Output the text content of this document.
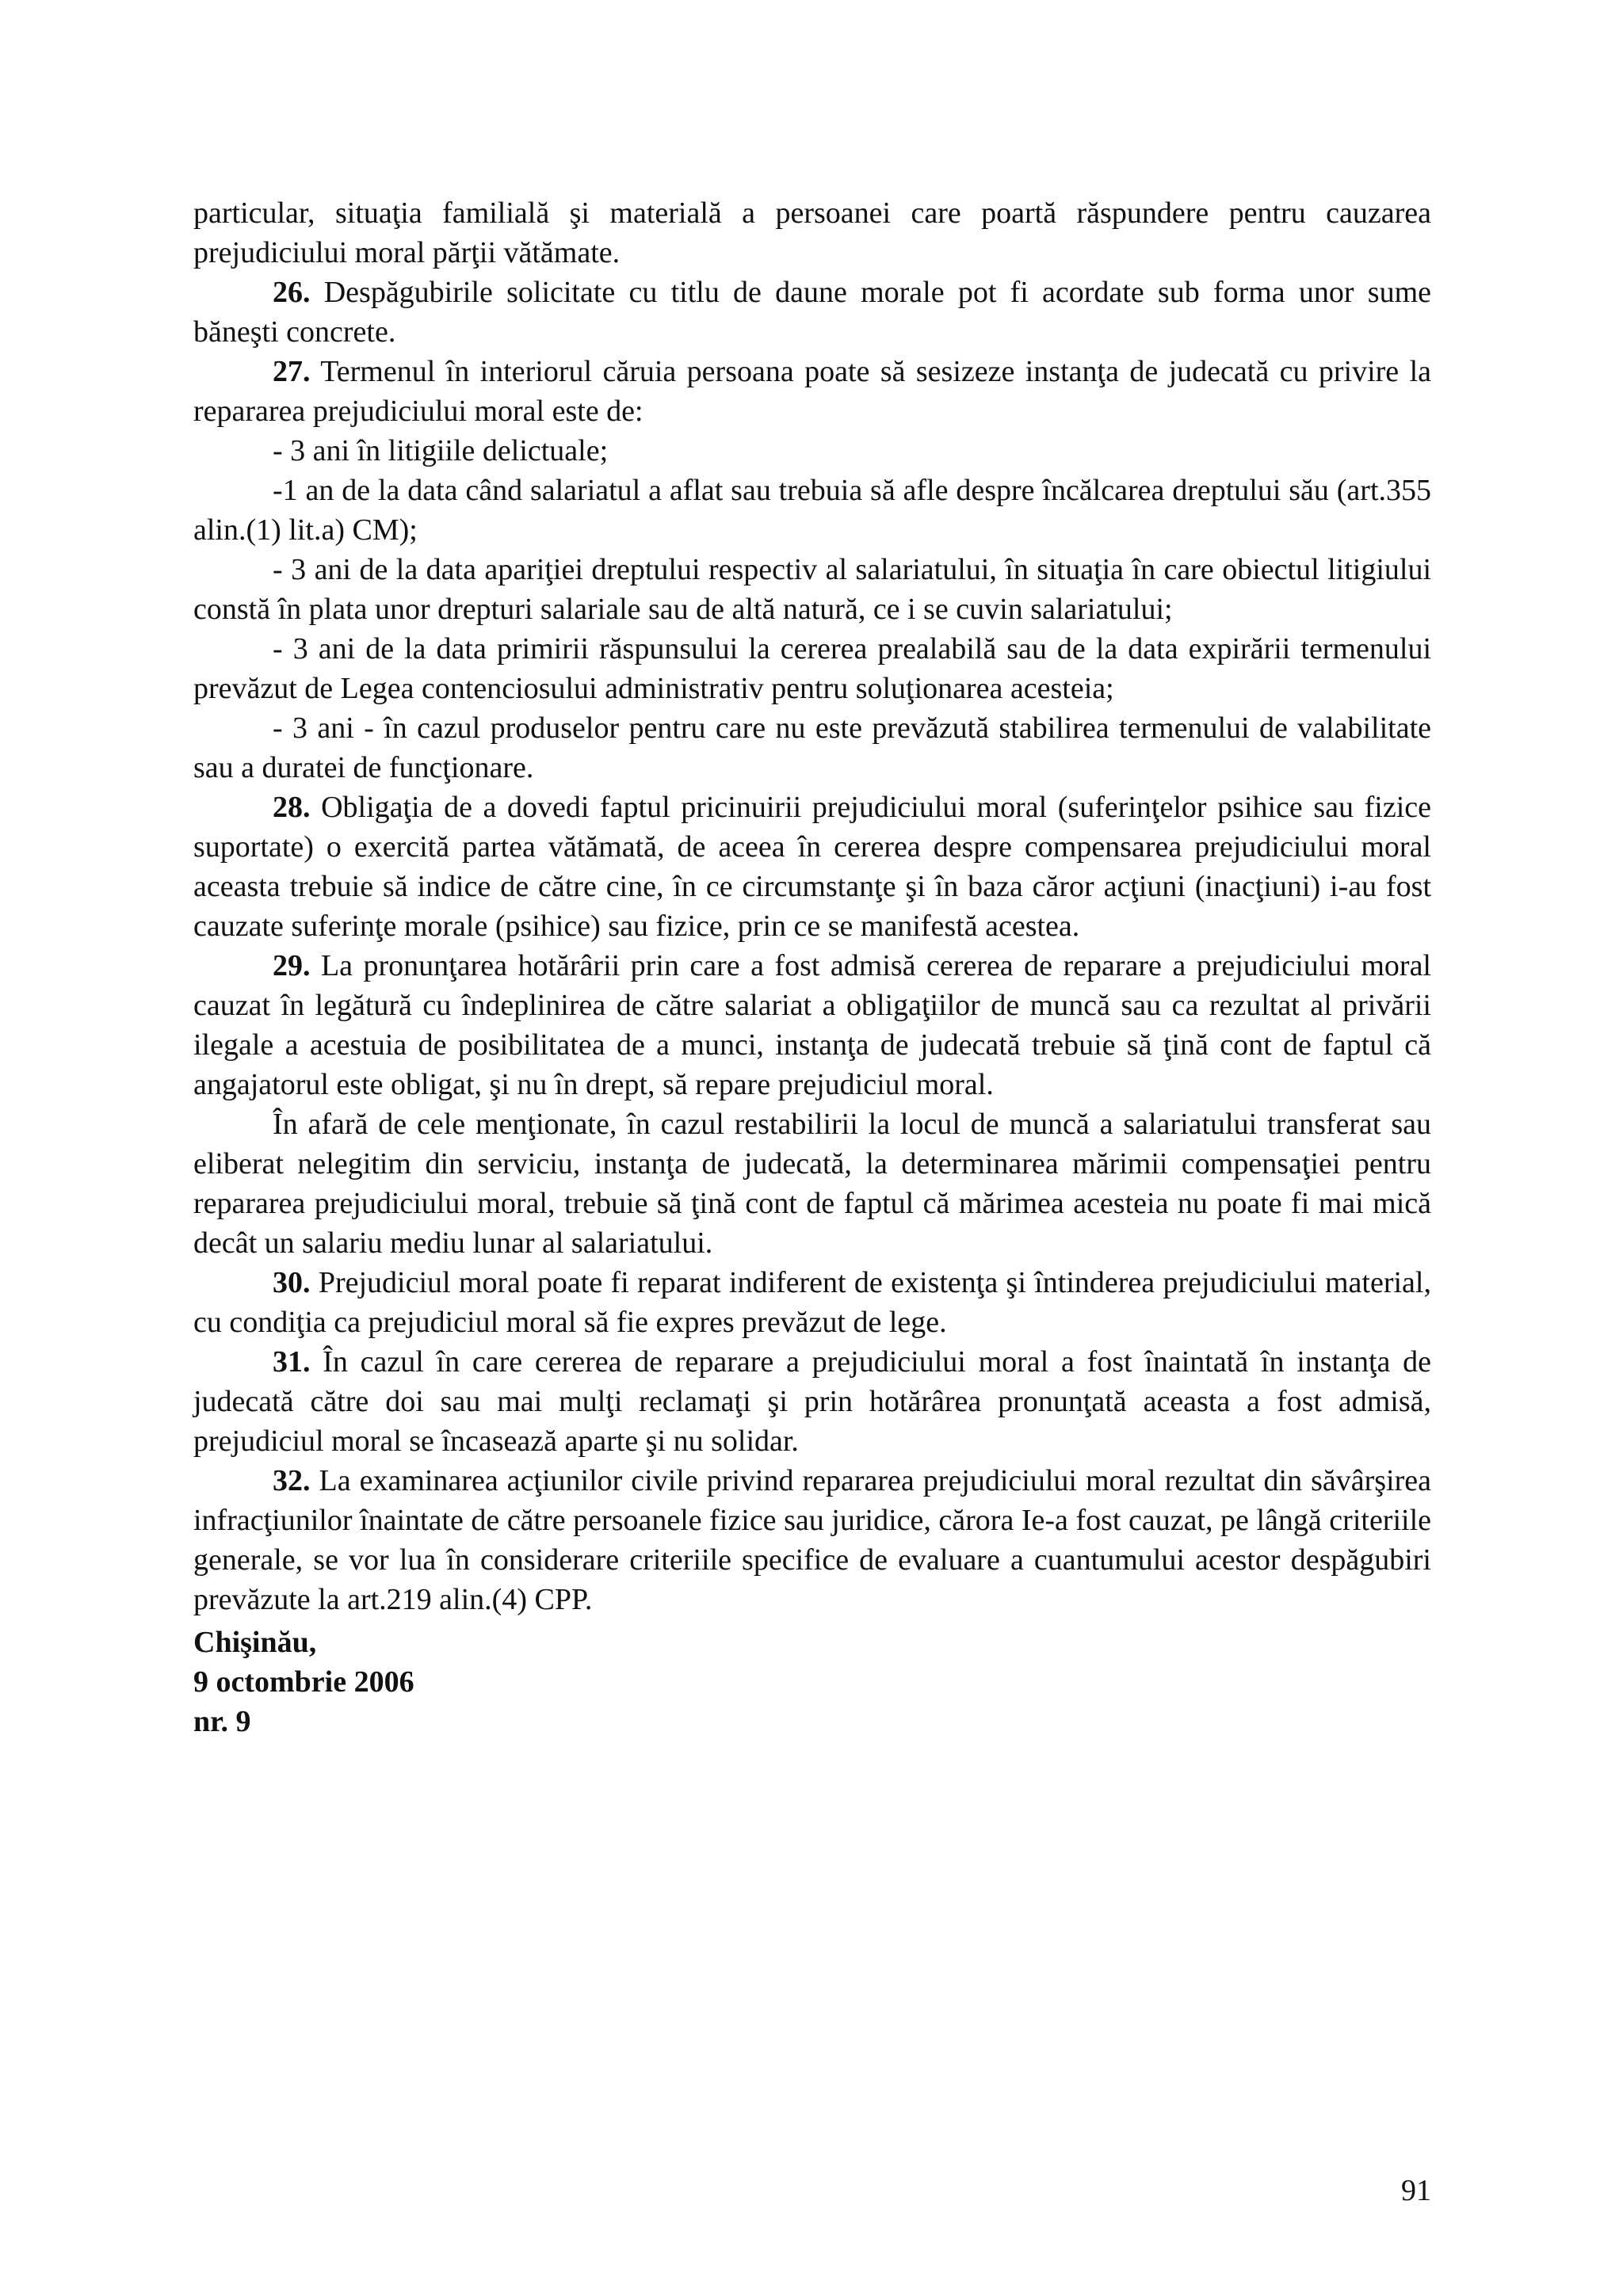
particular, situaţia familială şi materială a persoanei care poartă răspundere pentru cauzarea prejudiciului moral părţii vătămate.

26. Despăgubirile solicitate cu titlu de daune morale pot fi acordate sub forma unor sume băneşti concrete.

27. Termenul în interiorul căruia persoana poate să sesizeze instanţa de judecată cu privire la repararea prejudiciului moral este de:

- 3 ani în litigiile delictuale;

-1 an de la data când salariatul a aflat sau trebuia să afle despre încălcarea dreptului său (art.355 alin.(1) lit.a) CM);

- 3 ani de la data apariţiei dreptului respectiv al salariatului, în situaţia în care obiectul litigiului constă în plata unor drepturi salariale sau de altă natură, ce i se cuvin salariatului;

- 3 ani de la data primirii răspunsului la cererea prealabilă sau de la data expirării termenului prevăzut de Legea contenciosului administrativ pentru soluţionarea acesteia;

- 3 ani - în cazul produselor pentru care nu este prevăzută stabilirea termenului de valabilitate sau a duratei de funcţionare.

28. Obligaţia de a dovedi faptul pricinuirii prejudiciului moral (suferinţelor psihice sau fizice suportate) o exercită partea vătămată, de aceea în cererea despre compensarea prejudiciului moral aceasta trebuie să indice de către cine, în ce circumstanţe şi în baza căror acţiuni (inacţiuni) i-au fost cauzate suferinţe morale (psihice) sau fizice, prin ce se manifestă acestea.

29. La pronunţarea hotărârii prin care a fost admisă cererea de reparare a prejudiciului moral cauzat în legătură cu îndeplinirea de către salariat a obligaţiilor de muncă sau ca rezultat al privării ilegale a acestuia de posibilitatea de a munci, instanţa de judecată trebuie să ţină cont de faptul că angajatorul este obligat, şi nu în drept, să repare prejudiciul moral.

În afară de cele menţionate, în cazul restabilirii la locul de muncă a salariatului transferat sau eliberat nelegitim din serviciu, instanţa de judecată, la determinarea mărimii compensaţiei pentru repararea prejudiciului moral, trebuie să ţină cont de faptul că mărimea acesteia nu poate fi mai mică decât un salariu mediu lunar al salariatului.

30. Prejudiciul moral poate fi reparat indiferent de existenţa şi întinderea prejudiciului material, cu condiţia ca prejudiciul moral să fie expres prevăzut de lege.

31. În cazul în care cererea de reparare a prejudiciului moral a fost înaintată în instanţa de judecată către doi sau mai mulţi reclamaţi şi prin hotărârea pronunţată aceasta a fost admisă, prejudiciul moral se încasează aparte şi nu solidar.

32. La examinarea acţiunilor civile privind repararea prejudiciului moral rezultat din săvârşirea infracţiunilor înaintate de către persoanele fizice sau juridice, cărora Ie-a fost cauzat, pe lângă criteriile generale, se vor lua în considerare criteriile specifice de evaluare a cuantumului acestor despăgubiri prevăzute la art.219 alin.(4) CPP.

Chişinău,
9 octombrie 2006
nr. 9
91
